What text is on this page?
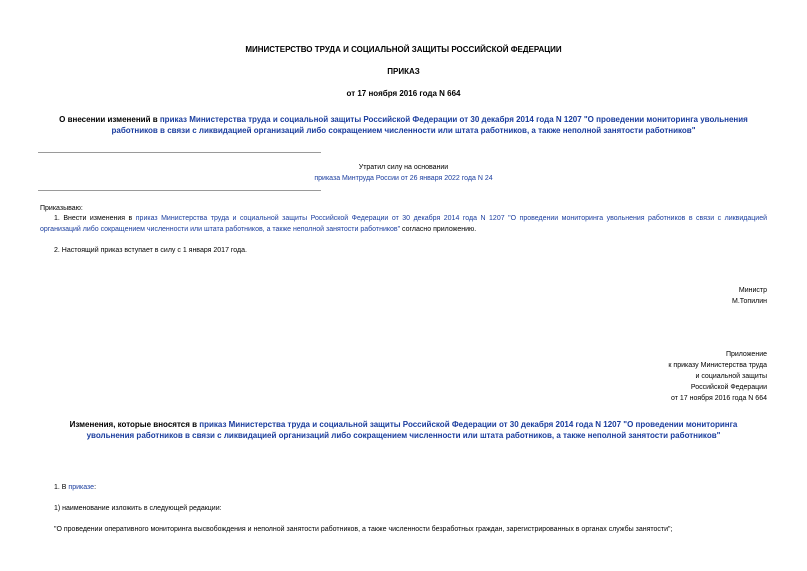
МИНИСТЕРСТВО ТРУДА И СОЦИАЛЬНОЙ ЗАЩИТЫ РОССИЙСКОЙ ФЕДЕРАЦИИ
ПРИКАЗ
от 17 ноября 2016 года N 664
О внесении изменений в приказ Министерства труда и социальной защиты Российской Федерации от 30 декабря 2014 года N 1207 "О проведении мониторинга увольнения работников в связи с ликвидацией организаций либо сокращением численности или штата работников, а также неполной занятости работников"
Утратил силу на основании
приказа Минтруда России от 26 января 2022 года N 24
Приказываю:
1. Внести изменения в приказ Министерства труда и социальной защиты Российской Федерации от 30 декабря 2014 года N 1207 "О проведении мониторинга увольнения работников в связи с ликвидацией организаций либо сокращением численности или штата работников, а также неполной занятости работников" согласно приложению.
2. Настоящий приказ вступает в силу с 1 января 2017 года.
Министр
М.Топилин
Приложение
к приказу Министерства труда
и социальной защиты
Российской Федерации
от 17 ноября 2016 года N 664
Изменения, которые вносятся в приказ Министерства труда и социальной защиты Российской Федерации от 30 декабря 2014 года N 1207 "О проведении мониторинга увольнения работников в связи с ликвидацией организаций либо сокращением численности или штата работников, а также неполной занятости работников"
1. В приказе:
1) наименование изложить в следующей редакции:
"О проведении оперативного мониторинга высвобождения и неполной занятости работников, а также численности безработных граждан, зарегистрированных в органах службы занятости";
